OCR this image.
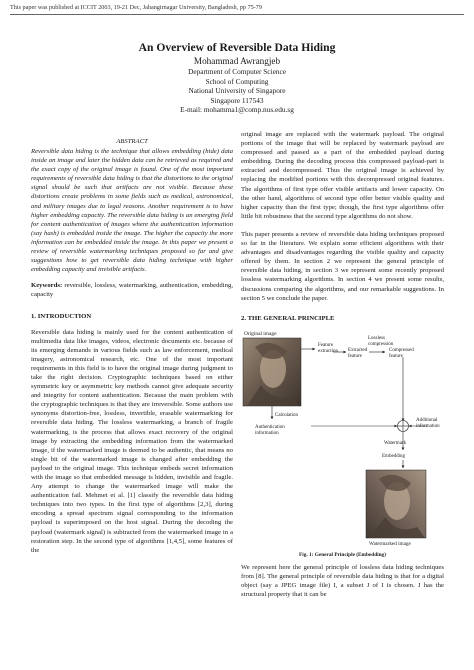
This paper was published at ICCIT 2003, 19-21 Dec, Jahangirnagar University, Bangladesh, pp 75-79
An Overview of Reversible Data Hiding
Mohammad Awrangjeb
Department of Computer Science
School of Computing
National University of Singapore
Singapore 117543
E-mail: mohamma1@comp.nus.edu.sg
ABSTRACT
Reversible data hiding is the technique that allows embedding (hide) data inside an image and later the hidden data can be retrieved as required and the exact copy of the original image is found. One of the most important requirements of reversible data hiding is that the distortions to the original signal should be such that artifacts are not visible. Because these distortions create problems in some fields such as medical, astronomical, and military images due to legal reasons. Another requirement is to have higher embedding capacity. The reversible data hiding is an emerging field for content authentication of images where the authentication information (say hash) is embedded inside the image. The higher the capacity the more information can be embedded inside the image. In this paper we present a review of reversible watermarking techniques proposed so far and give suggestions how to get reversible data hiding technique with higher embedding capacity and invisible artifacts.
Keywords: reversible, lossless, watermarking, authentication, embedding, capacity
1. INTRODUCTION
Reversible data hiding is mainly used for the content authentication of multimedia data like images, videos, electronic documents etc. because of its emerging demands in various fields such as law enforcement, medical imagery, astronomical research, etc. One of the most important requirements in this field is to have the original image during judgment to take the right decision. Cryptographic techniques based on either symmetric key or asymmetric key methods cannot give adequate security and integrity for content authentication. Because the main problem with the cryptographic techniques is that they are irreversible. Some authors use synonyms distortion-free, lossless, invertible, erasable watermarking for reversible data hiding. The lossless watermarking, a branch of fragile watermarking, is the process that allows exact recovery of the original image by extracting the embedding information from the watermarked image, if the watermarked image is deemed to be authentic, that means no single bit of the watermarked image is changed after embedding the payload to the original image. This technique embeds secret information with the image so that embedded message is hidden, invisible and fragile. Any attempt to change the watermarked image will make the authentication fail. Mehmet et al. [1] classify the reversible data hiding techniques into two types. In the first type of algorithms [2,3], during encoding a spread spectrum signal corresponding to the information payload is superimposed on the host signal. During the decoding the payload (watermark signal) is subtracted from the watermarked image in a restoration step. In the second type of algorithms [1,4,5], some features of the
original image are replaced with the watermark payload. The original portions of the image that will be replaced by watermark payload are compressed and passed as a part of the embedded payload during embedding. During the decoding process this compressed payload-part is extracted and decompressed. Thus the original image is achieved by replacing the modified portions with this decompressed original features. The algorithms of first type offer visible artifacts and lower capacity. On the other hand, algorithms of second type offer better visible quality and higher capacity than the first type; though, the first type algorithms offer little bit robustness that the second type algorithms do not show.
This paper presents a review of reversible data hiding techniques proposed so far in the literature. We explain some efficient algorithms with their advantages and disadvantages regarding the visible quality and capacity offered by them. In section 2 we represent the general principle of reversible data hiding, in section 3 we represent some recently proposed lossless watermarking algorithms. In section 4 we present some results, discussions comparing the algorithms, and our remarkable suggestions. In section 5 we conclude the paper.
2. THE GENERAL PRINCIPLE
Original image
Feature extraction Extracted feature
Lossless compression
Compressed feature
Calculation
Authentication information
Additional information
Watermark
Embedding
Watermarked image
Fig. 1: General Principle (Embedding)
We represent here the general principle of lossless data hiding techniques from [8]. The general principle of reversible data hiding is that for a digital object (say a JPEG image file) I, a subset J of I is chosen. J has the structural property that it can be
